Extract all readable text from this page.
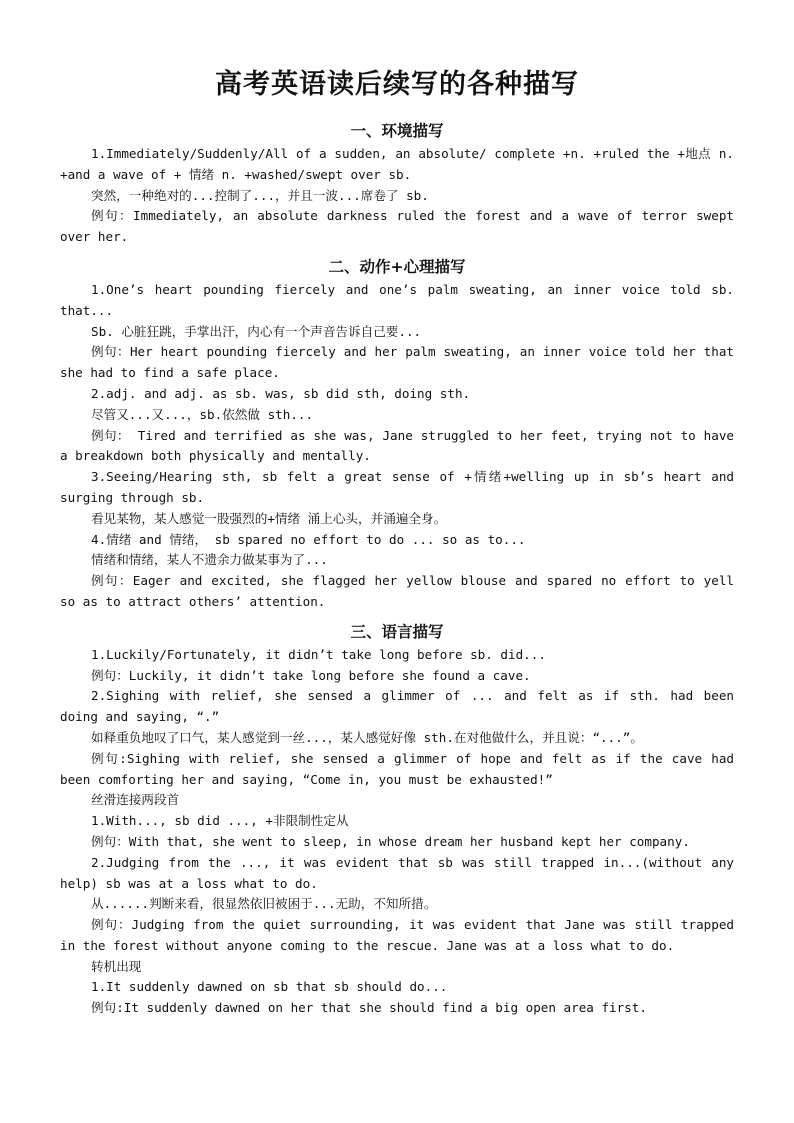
高考英语读后续写的各种描写
一、环境描写

1.Immediately/Suddenly/All of a sudden, an absolute/ complete +n. +ruled the +地点 n. +and a wave of + 情绪 n. +washed/swept over sb.

突然，一种绝对的...控制了...，并且一波...席卷了 sb.

例句：Immediately, an absolute darkness ruled the forest and a wave of terror swept over her.

二、动作+心理描写

1.One’s heart pounding fiercely and one’s palm sweating, an inner voice told sb. that...

Sb. 心脏狂跳，手掌出汗，内心有一个声音告诉自己要...

例句：Her heart pounding fiercely and her palm sweating, an inner voice told her that she had to find a safe place.

2.adj. and adj. as sb. was, sb did sth, doing sth.

尽管又...又...，sb.依然做 sth...

例句： Tired and terrified as she was, Jane struggled to her feet, trying not to have a breakdown both physically and mentally.

3.Seeing/Hearing sth, sb felt a great sense of +情绪+welling up in sb’s heart and surging through sb.

看见某物，某人感觉一股强烈的+情绪 涌上心头，并涌遍全身。

4.情绪 and 情绪， sb spared no effort to do ... so as to...

情绪和情绪，某人不遗余力做某事为了...

例句：Eager and excited, she flagged her yellow blouse and spared no effort to yell so as to attract others’ attention.

三、语言描写

1.Luckily/Fortunately, it didn’t take long before sb. did...

例句：Luckily, it didn’t take long before she found a cave.

2.Sighing with relief, she sensed a glimmer of ... and felt as if sth. had been doing and saying, “.”

如释重负地叹了口气，某人感觉到一丝...，某人感觉好像 sth.在对他做什么，并且说：“...”。

例句:Sighing with relief, she sensed a glimmer of hope and felt as if the cave had been comforting her and saying, “Come in, you must be exhausted!”

丝滑连接两段首

1.With..., sb did ..., +非限制性定从

例句：With that, she went to sleep, in whose dream her husband kept her company.

2.Judging from the ..., it was evident that sb was still trapped in...(without any help) sb was at a loss what to do.

从......判断来看，很显然依旧被困于...无助，不知所措。

例句：Judging from the quiet surrounding, it was evident that Jane was still trapped in the forest without anyone coming to the rescue. Jane was at a loss what to do.

转机出现

1.It suddenly dawned on sb that sb should do...

例句:It suddenly dawned on her that she should find a big open area first.
